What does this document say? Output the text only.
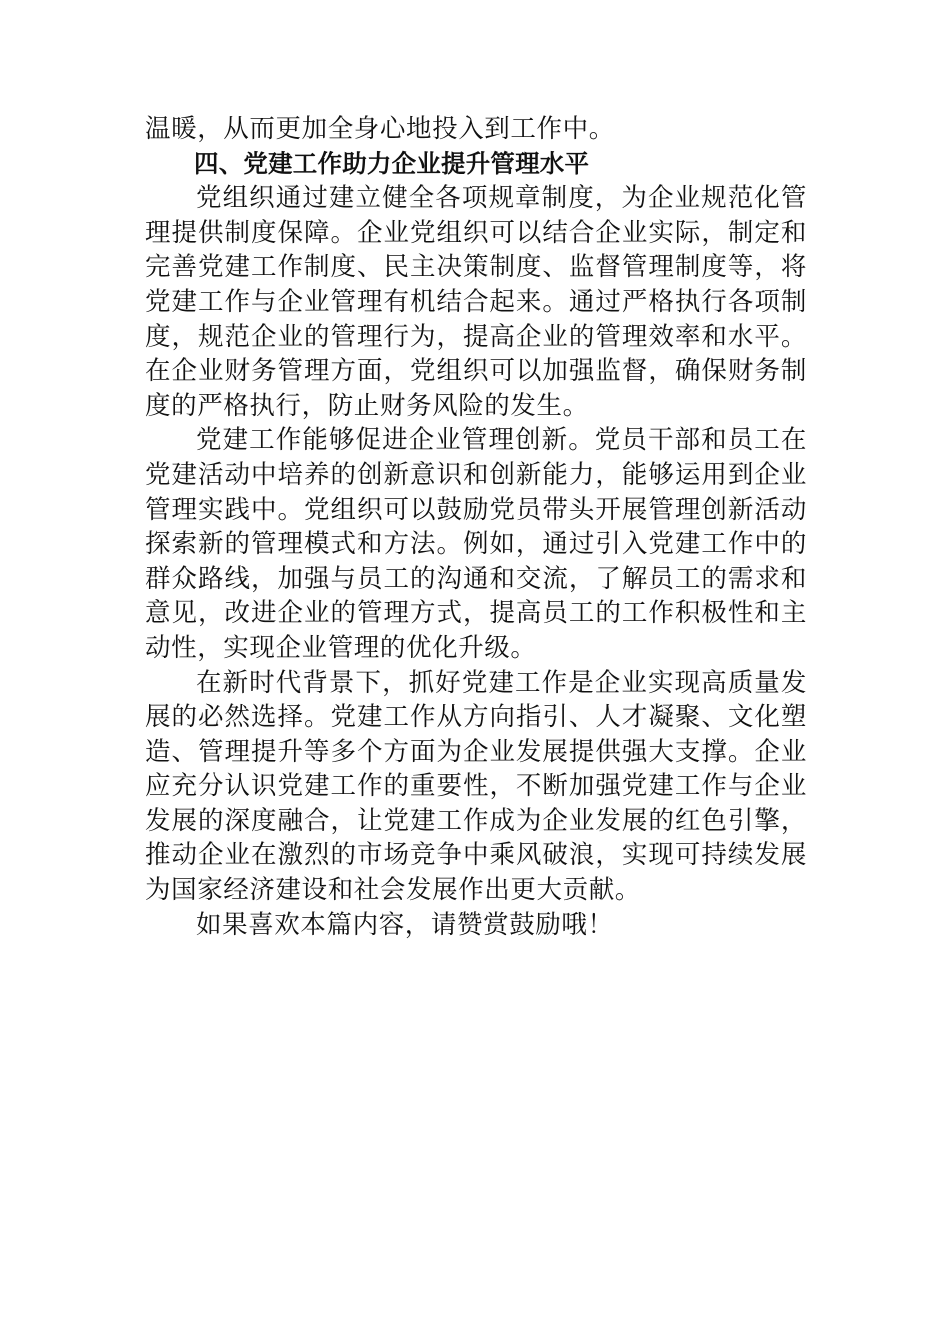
温暖，从而更加全身心地投入到工作中。

四、党建工作助力企业提升管理水平

党组织通过建立健全各项规章制度，为企业规范化管理提供制度保障。企业党组织可以结合企业实际，制定和完善党建工作制度、民主决策制度、监督管理制度等，将党建工作与企业管理有机结合起来。通过严格执行各项制度，规范企业的管理行为，提高企业的管理效率和水平。在企业财务管理方面，党组织可以加强监督，确保财务制度的严格执行，防止财务风险的发生。

党建工作能够促进企业管理创新。党员干部和员工在党建活动中培养的创新意识和创新能力，能够运用到企业管理实践中。党组织可以鼓励党员带头开展管理创新活动探索新的管理模式和方法。例如，通过引入党建工作中的群众路线，加强与员工的沟通和交流，了解员工的需求和意见，改进企业的管理方式，提高员工的工作积极性和主动性，实现企业管理的优化升级。

在新时代背景下，抓好党建工作是企业实现高质量发展的必然选择。党建工作从方向指引、人才凝聚、文化塑造、管理提升等多个方面为企业发展提供强大支撑。企业应充分认识党建工作的重要性，不断加强党建工作与企业发展的深度融合，让党建工作成为企业发展的红色引擎，推动企业在激烈的市场竞争中乘风破浪，实现可持续发展为国家经济建设和社会发展作出更大贡献。

如果喜欢本篇内容，请赞赏鼓励哦！
